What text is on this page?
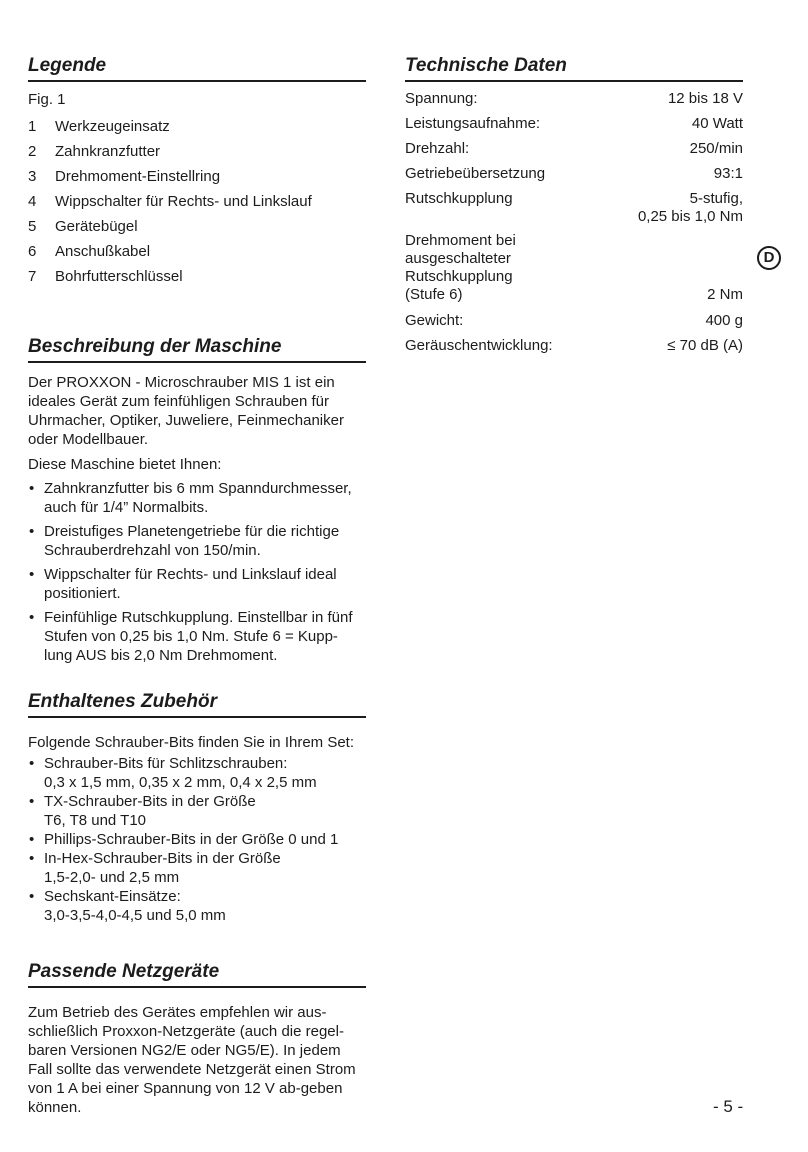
Legende
Fig. 1
1	Werkzeugeinsatz
2	Zahnkranzfutter
3	Drehmoment-Einstellring
4	Wippschalter für Rechts- und Linkslauf
5	Gerätebügel
6	Anschußkabel
7	Bohrfutterschlüssel
Beschreibung der Maschine

Der PROXXON - Microschrauber MIS 1 ist ein ideales Gerät zum feinfühligen Schrauben für Uhrmacher, Optiker, Juweliere, Feinmechaniker oder Modellbauer.

Diese Maschine bietet Ihnen:

• Zahnkranzfutter bis 6 mm Spanndurchmesser, auch für 1/4” Normalbits.
• Dreistufiges Planetengetriebe für die richtige Schrauberdrehzahl von 150/min.
• Wippschalter für Rechts- und Linkslauf ideal positioniert.
• Feinfühlige Rutschkupplung. Einstellbar in fünf Stufen von 0,25 bis 1,0 Nm. Stufe 6 = Kupp-lung AUS bis 2,0 Nm Drehmoment.
Enthaltenes Zubehör

Folgende Schrauber-Bits finden Sie in Ihrem Set:

• Schrauber-Bits für Schlitzschrauben:
0,3 x 1,5 mm, 0,35 x 2 mm, 0,4 x 2,5 mm
• TX-Schrauber-Bits in der Größe
T6, T8 und T10
• Phillips-Schrauber-Bits in der Größe 0 und 1
• In-Hex-Schrauber-Bits in der Größe
1,5-2,0- und 2,5 mm
• Sechskant-Einsätze:
3,0-3,5-4,0-4,5 und 5,0 mm
Passende Netzgeräte

Zum Betrieb des Gerätes empfehlen wir aus-schließlich Proxxon-Netzgeräte (auch die regel-baren Versionen NG2/E oder NG5/E). In jedem Fall sollte das verwendete Netzgerät einen Strom von 1 A bei einer Spannung von 12 V ab-geben können.

Technische Daten
Spannung:	12 bis 18 V
Leistungsaufnahme:	40 Watt
Drehzahl:	250/min
Getriebeübersetzung	93:1
Rutschkupplung	5-stufig,
0,25 bis 1,0 Nm
Drehmoment bei
ausgeschalteter
Rutschkupplung
(Stufe 6)	2 Nm
Gewicht:	400 g
Geräuschentwicklung:	≤ 70 dB (A)
D
- 5 -
